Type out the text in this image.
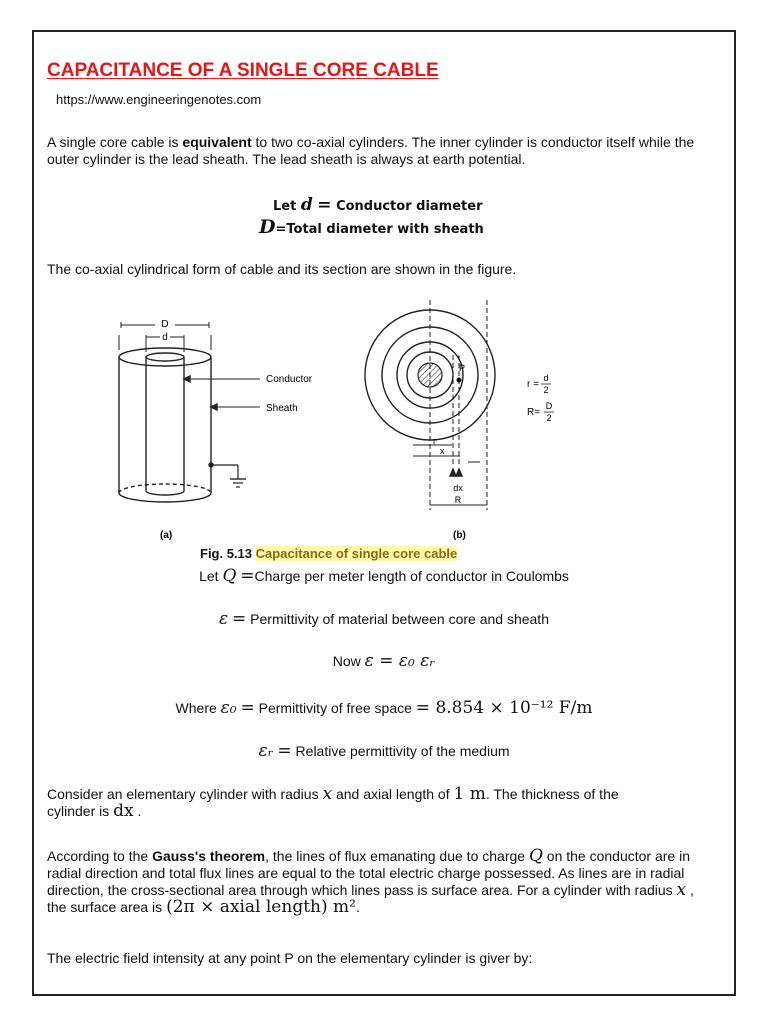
CAPACITANCE OF A SINGLE CORE CABLE
https://www.engineeringenotes.com
A single core cable is equivalent to two co-axial cylinders. The inner cylinder is conductor itself while the outer cylinder is the lead sheath. The lead sheath is always at earth potential.
Let d = Conductor diameter
D=Total diameter with sheath
The co-axial cylindrical form of cable and its section are shown in the figure.
D
d
Conductor
Sheath
(a)
P
r
x
dx
R
(b)
r =
d
2
R=
D
2
Fig. 5.13 Capacitance of single core cable
Let Q =Charge per meter length of conductor in Coulombs
ε = Permittivity of material between core and sheath
Now ε = ε₀ εᵣ
Where ε₀ = Permittivity of free space = 8.854 × 10⁻¹² F/m
εᵣ = Relative permittivity of the medium
Consider an elementary cylinder with radius x and axial length of 1 m. The thickness of the
cylinder is dx .
According to the Gauss's theorem, the lines of flux emanating due to charge Q on the conductor are in radial direction and total flux lines are equal to the total electric charge possessed. As lines are in radial direction, the cross-sectional area through which lines pass is surface area. For a cylinder with radius x , the surface area is (2π × axial length) m².
The electric field intensity at any point P on the elementary cylinder is giver by:
